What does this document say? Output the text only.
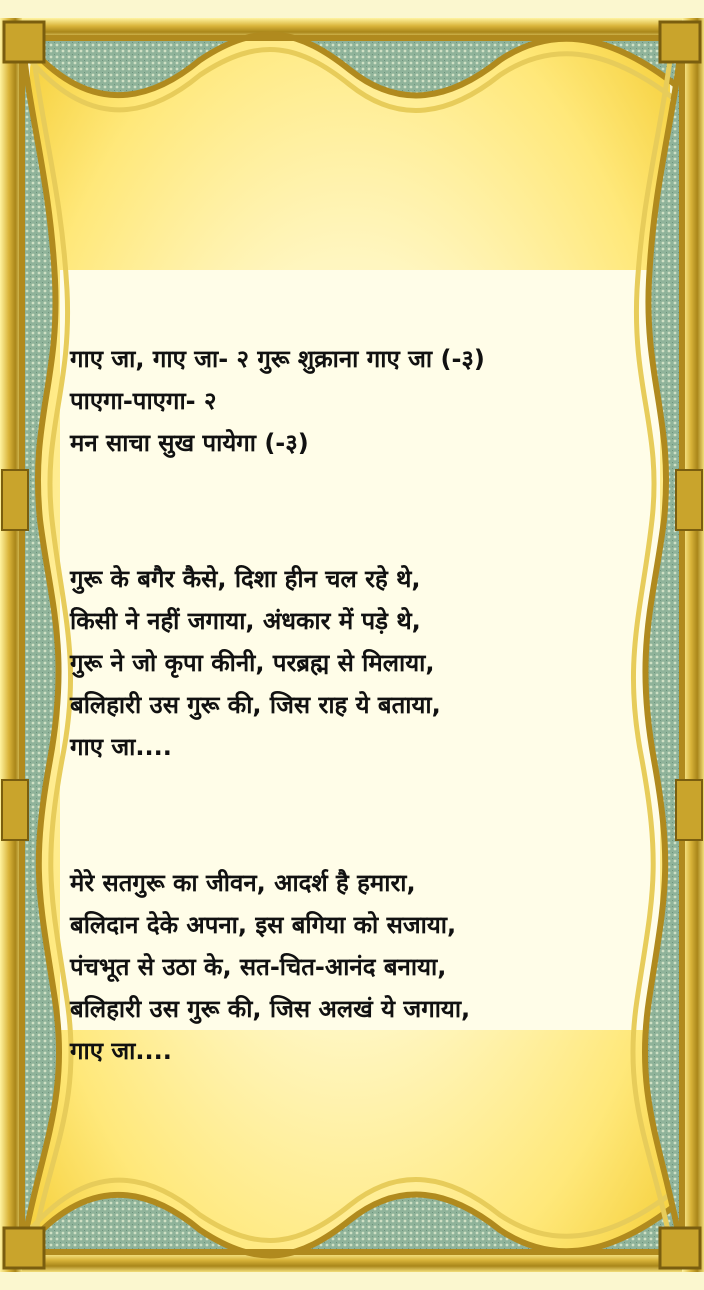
गाए जा, गाए जा- २ गुरू शुक्राना गाए जा (-३)

पाएगा-पाएगा- २

मन साचा सुख पायेगा (-३)

गुरू के बगैर कैसे, दिशा हीन चल रहे थे,

किसी ने नहीं जगाया, अंधकार में पड़े थे,

गुरू ने जो कृपा कीनी, परब्रह्म से मिलाया,

बलिहारी उस गुरू की, जिस राह ये बताया,

गाए जा....

मेरे सतगुरू का जीवन, आदर्श है हमारा,

बलिदान देके अपना, इस बगिया को सजाया,

पंचभूत से उठा के, सत-चित-आनंद बनाया,

बलिहारी उस गुरू की, जिस अलखं ये जगाया,

गाए जा....
